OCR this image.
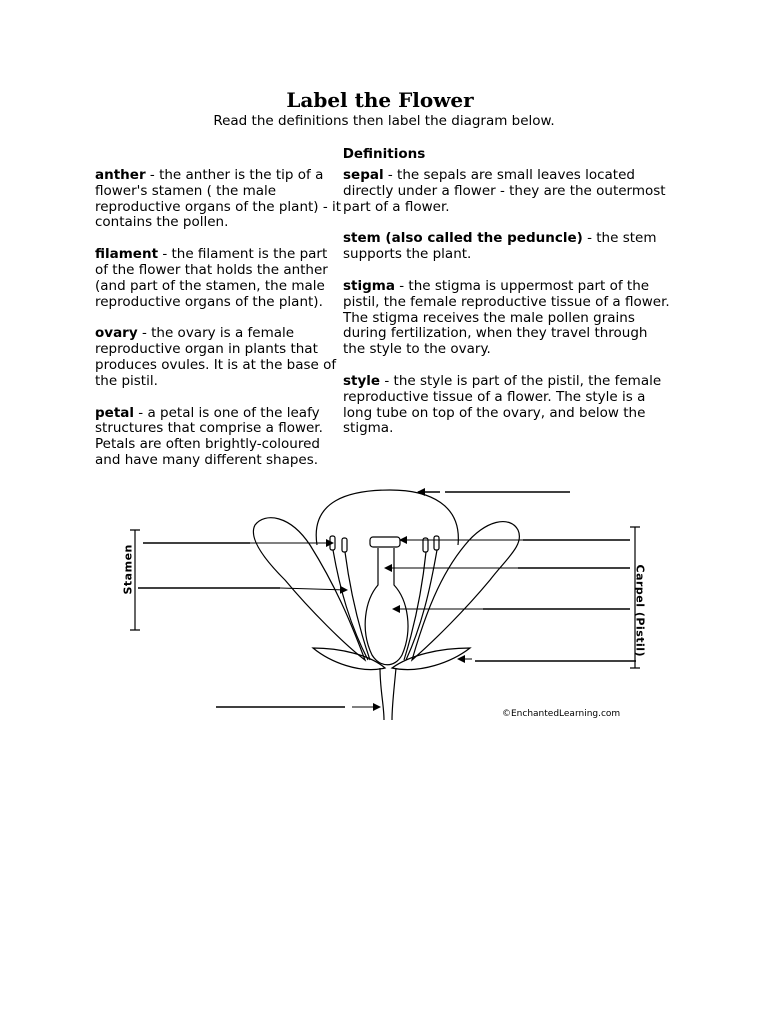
Label the Flower
Read the definitions then label the diagram below.
Definitions

anther - the anther is the tip of a flower's stamen ( the male reproductive organs of the plant) - it contains the pollen.

filament - the filament is the part of the flower that holds the anther (and part of the stamen, the male reproductive organs of the plant).

ovary - the ovary is a female reproductive organ in plants that produces ovules. It is at the base of the pistil.

petal - a petal is one of the leafy structures that comprise a flower. Petals are often brightly-coloured and have many different shapes.

sepal - the sepals are small leaves located directly under a flower - they are the outermost part of a flower.

stem (also called the peduncle) - the stem supports the plant.

stigma - the stigma is uppermost part of the pistil, the female reproductive tissue of a flower. The stigma receives the male pollen grains during fertilization, when they travel through the style to the ovary.

style - the style is part of the pistil, the female reproductive tissue of a flower. The style is a long tube on top of the ovary, and below the stigma.

Stamen	Carpel (Pistil)
©EnchantedLearning.com
